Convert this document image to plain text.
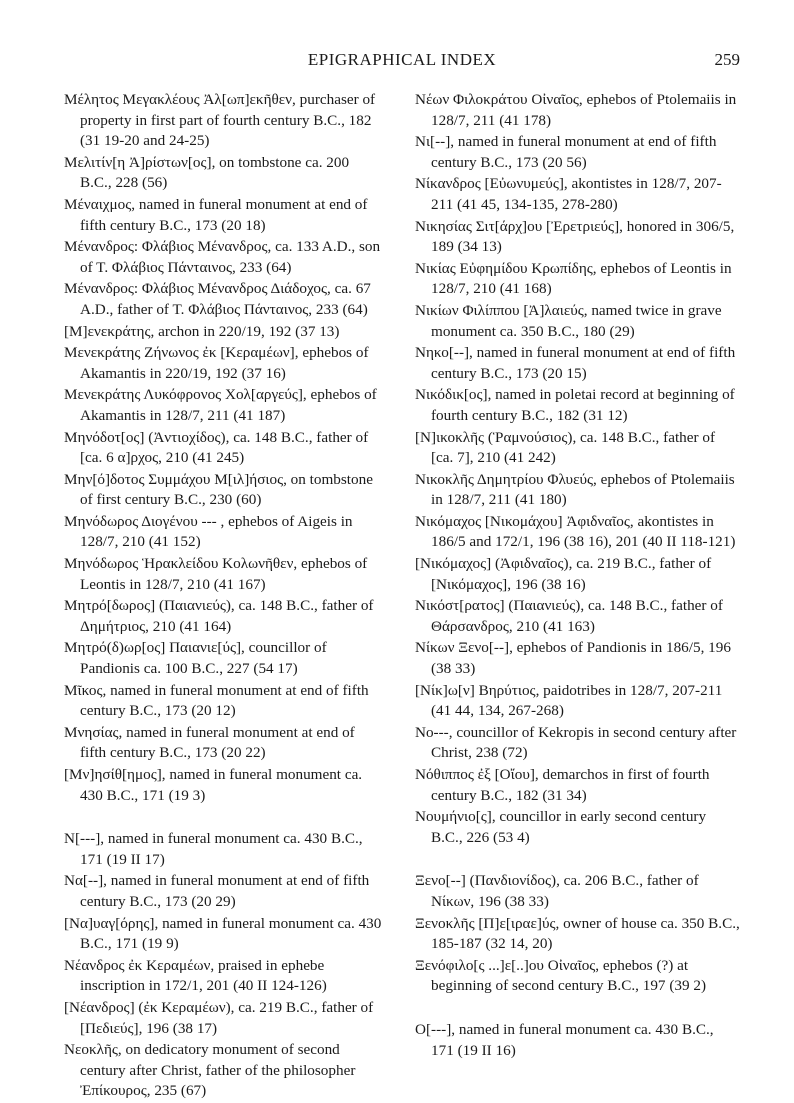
EPIGRAPHICAL INDEX	259

Μέλητος Μεγακλέους Ἀλ[ωπ]εκῆθεν, purchaser of property in first part of fourth century B.C., 182 (31 19-20 and 24-25)

Μελιτίν[η Ἀ]ρίστων[ος], on tombstone ca. 200 B.C., 228 (56)

Μέναιχμος, named in funeral monument at end of fifth century B.C., 173 (20 18)

Μένανδρος: Φλάβιος Μένανδρος, ca. 133 A.D., son of T. Φλάβιος Πάνταινος, 233 (64)

Μένανδρος: Φλάβιος Μένανδρος Διάδοχος, ca. 67 A.D., father of T. Φλάβιος Πάνταινος, 233 (64)

[Μ]ενεκράτης, archon in 220/19, 192 (37 13)

Μενεκράτης Ζήνωνος ἐκ [Κεραμέων], ephebos of Akamantis in 220/19, 192 (37 16)

Μενεκράτης Λυκόφρονος Χολ[αργεύς], ephebos of Akamantis in 128/7, 211 (41 187)

Μηνόδοτ[ος] (Ἀντιοχίδος), ca. 148 B.C., father of [ca. 6 α]ρχος, 210 (41 245)

Μην[ό]δοτος Συμμάχου Μ[ιλ]ήσιος, on tombstone of first century B.C., 230 (60)

Μηνόδωρος Διογένου --- , ephebos of Aigeis in 128/7, 210 (41 152)

Μηνόδωρος Ἡρακλείδου Κολωνῆθεν, ephebos of Leontis in 128/7, 210 (41 167)

Μητρό[δωρος] (Παιανιεύς), ca. 148 B.C., father of Δημήτριος, 210 (41 164)

Μητρό(δ)ωρ[ος] Παιανιε[ύς], councillor of Pandionis ca. 100 B.C., 227 (54 17)

Μῖκος, named in funeral monument at end of fifth century B.C., 173 (20 12)

Μνησίας, named in funeral monument at end of fifth century B.C., 173 (20 22)

[Μν]ησίθ[ημος], named in funeral monument ca. 430 B.C., 171 (19 3)

Ν[---], named in funeral monument ca. 430 B.C., 171 (19 II 17)

Να[--], named in funeral monument at end of fifth century B.C., 173 (20 29)

[Να]υαγ[όρης], named in funeral monument ca. 430 B.C., 171 (19 9)

Νέανδρος ἐκ Κεραμέων, praised in ephebe inscription in 172/1, 201 (40 II 124-126)

[Νέανδρος] (ἐκ Κεραμέων), ca. 219 B.C., father of [Πεδιεύς], 196 (38 17)

Νεοκλῆς, on dedicatory monument of second century after Christ, father of the philosopher Ἐπίκουρος, 235 (67)

Νέων Φιλοκράτου Οἰναῖος, ephebos of Ptolemaiis in 128/7, 211 (41 178)

Νι[--], named in funeral monument at end of fifth century B.C., 173 (20 56)

Νίκανδρος [Εὐωνυμεύς], akontistes in 128/7, 207-211 (41 45, 134-135, 278-280)

Νικησίας Σιτ[άρχ]ου [Ἐρετριεύς], honored in 306/5, 189 (34 13)

Νικίας Εὐφημίδου Κρωπίδης, ephebos of Leontis in 128/7, 210 (41 168)

Νικίων Φιλίππου [Ἀ]λαιεύς, named twice in grave monument ca. 350 B.C., 180 (29)

Νηκο[--], named in funeral monument at end of fifth century B.C., 173 (20 15)

Νικόδικ[ος], named in poletai record at beginning of fourth century B.C., 182 (31 12)

[Ν]ικοκλῆς (Ῥαμνούσιος), ca. 148 B.C., father of [ca. 7], 210 (41 242)

Νικοκλῆς Δημητρίου Φλυεύς, ephebos of Ptolemaiis in 128/7, 211 (41 180)

Νικόμαχος [Νικομάχου] Ἀφιδναῖος, akontistes in 186/5 and 172/1, 196 (38 16), 201 (40 II 118-121)

[Νικόμαχος] (Ἀφιδναῖος), ca. 219 B.C., father of [Νικόμαχος], 196 (38 16)

Νικόστ[ρατος] (Παιανιεύς), ca. 148 B.C., father of Θάρσανδρος, 210 (41 163)

Νίκων Ξενο[--], ephebos of Pandionis in 186/5, 196 (38 33)

[Νίκ]ω[ν] Βηρύτιος, paidotribes in 128/7, 207-211 (41 44, 134, 267-268)

Νο---, councillor of Kekropis in second century after Christ, 238 (72)

Νόθιππος ἐξ [Οἴου], demarchos in first of fourth century B.C., 182 (31 34)

Νουμήνιο[ς], councillor in early second century B.C., 226 (53 4)

Ξενο[--] (Πανδιονίδος), ca. 206 B.C., father of Νίκων, 196 (38 33)

Ξενοκλῆς [Π]ε[ιραε]ύς, owner of house ca. 350 B.C., 185-187 (32 14, 20)

Ξενόφιλο[ς ...]ε[..]ου Οἰναῖος, ephebos (?) at beginning of second century B.C., 197 (39 2)

Ο[---], named in funeral monument ca. 430 B.C., 171 (19 II 16)
